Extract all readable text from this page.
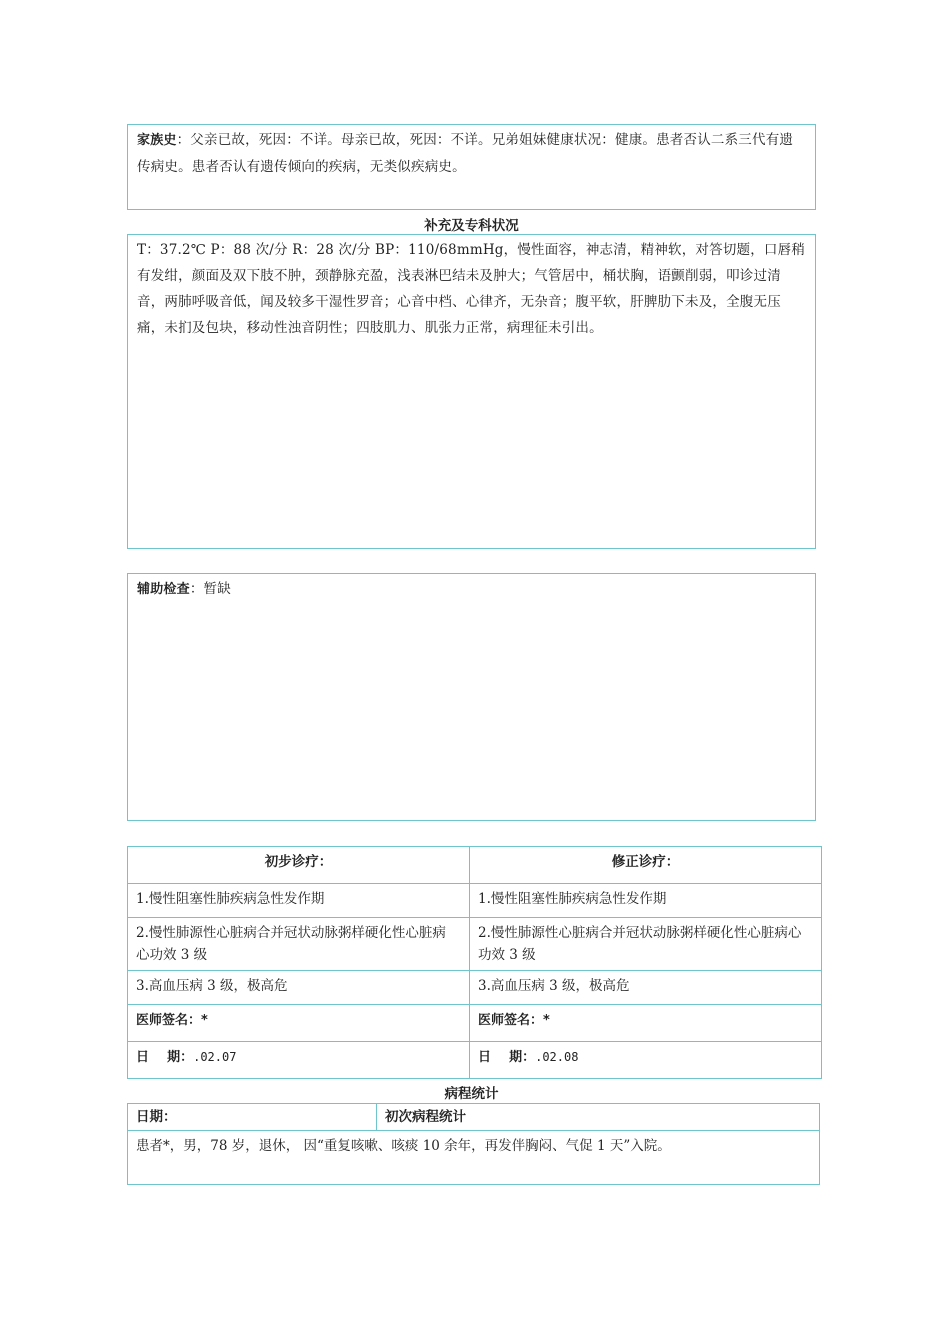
家族史：父亲已故，死因：不详。母亲已故，死因：不详。兄弟姐妹健康状况：健康。患者否认二系三代有遗传病史。患者否认有遗传倾向的疾病，无类似疾病史。
补充及专科状况
T：37.2℃ P：88 次/分 R：28 次/分 BP：110/68mmHg，慢性面容，神志清，精神软，对答切题，口唇稍有发绀，颜面及双下肢不肿，颈静脉充盈，浅表淋巴结未及肿大；气管居中，桶状胸，语颤削弱，叩诊过清音，两肺呼吸音低，闻及较多干湿性罗音；心音中档、心律齐，无杂音；腹平软，肝脾肋下未及，全腹无压痛，未扪及包块，移动性浊音阴性；四肢肌力、肌张力正常，病理征未引出。
辅助检查：暂缺
初步诊疗：	修正诊疗：
1.慢性阻塞性肺疾病急性发作期	1.慢性阻塞性肺疾病急性发作期
2.慢性肺源性心脏病合并冠状动脉粥样硬化性心脏病 心功效 3 级	2.慢性肺源性心脏病合并冠状动脉粥样硬化性心脏病心功效 3 级
3.高血压病 3 级，极高危	3.高血压病 3 级，极高危
医师签名：*	医师签名：*
日    期：.02.07	日    期：.02.08
病程统计
日期：	初次病程统计
患者*，男，78 岁，退休， 因“重复咳嗽、咳痰 10 余年，再发伴胸闷、气促 1 天”入院。
